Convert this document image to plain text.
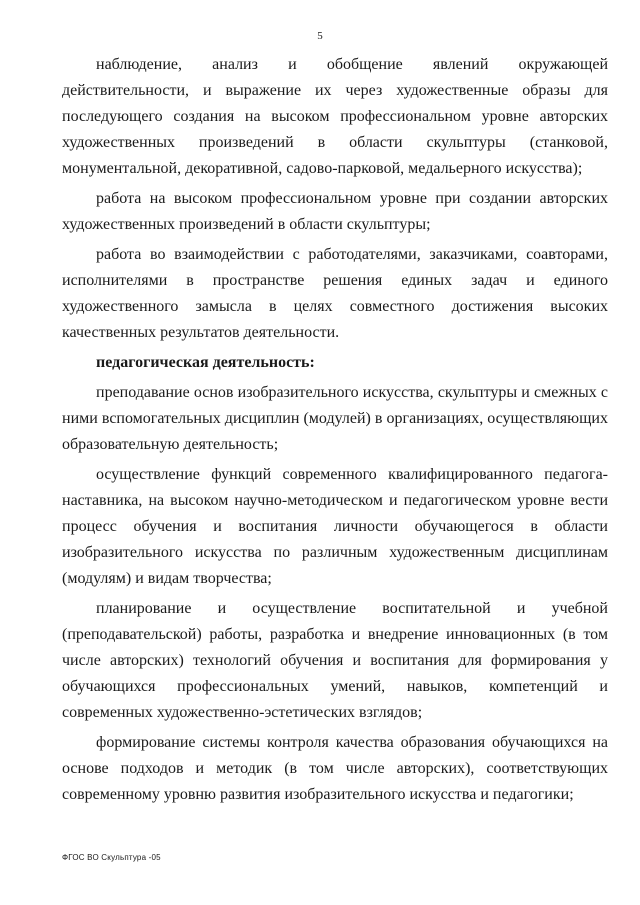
5

наблюдение, анализ и обобщение явлений окружающей действительности, и выражение их через художественные образы для последующего создания на высоком профессиональном уровне авторских художественных произведений в области скульптуры (станковой, монументальной, декоративной, садово-парковой, медальерного искусства);

работа на высоком профессиональном уровне при создании авторских художественных произведений в области скульптуры;

работа во взаимодействии с работодателями, заказчиками, соавторами, исполнителями в пространстве решения единых задач и единого художественного замысла в целях совместного достижения высоких качественных результатов деятельности.

педагогическая деятельность:

преподавание основ изобразительного искусства, скульптуры и смежных с ними вспомогательных дисциплин (модулей) в организациях, осуществляющих образовательную деятельность;

осуществление функций современного квалифицированного педагога-наставника, на высоком научно-методическом и педагогическом уровне вести процесс обучения и воспитания личности обучающегося в области изобразительного искусства по различным художественным дисциплинам (модулям) и видам творчества;

планирование и осуществление воспитательной и учебной (преподавательской) работы, разработка и внедрение инновационных (в том числе авторских) технологий обучения и воспитания для формирования у обучающихся профессиональных умений, навыков, компетенций и современных художественно-эстетических взглядов;

формирование системы контроля качества образования обучающихся на основе подходов и методик (в том числе авторских), соответствующих современному уровню развития изобразительного искусства и педагогики;

ФГОС ВО Скульптура -05
